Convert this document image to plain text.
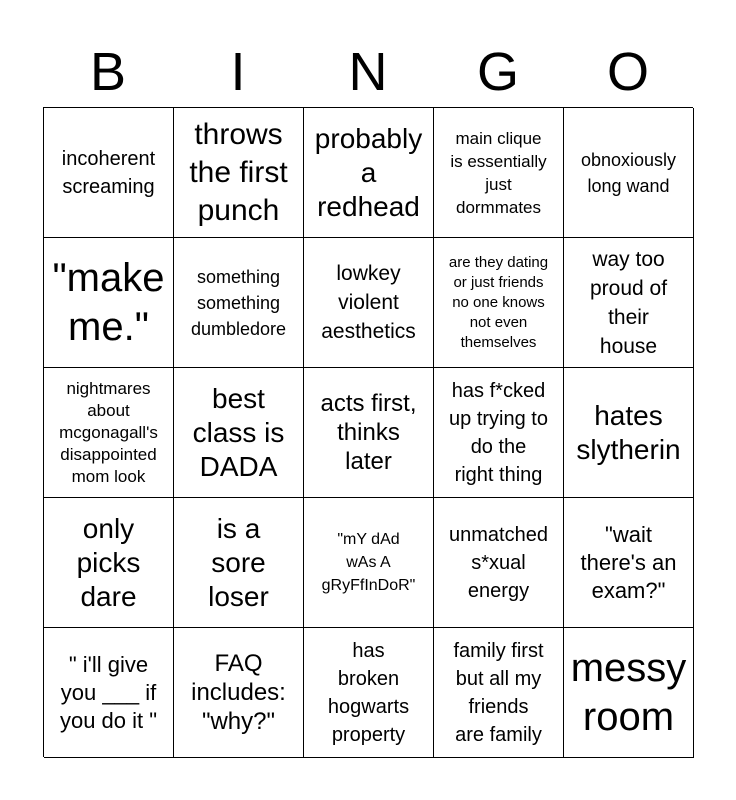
B	I	N	G	O
incoherent
screaming
throws
the first
punch
probably
a
redhead
main clique
is essentially
just
dormmates
obnoxiously
long wand
"make
me."
something
something
dumbledore
lowkey
violent
aesthetics
are they dating
or just friends
no one knows
not even
themselves
way too
proud of
their
house
nightmares
about
mcgonagall's
disappointed
mom look
best
class is
DADA
acts first,
thinks
later
has f*cked
up trying to
do the
right thing
hates
slytherin
only
picks
dare
is a
sore
loser
"mY dAd
wAs A
gRyFfInDoR"
unmatched
s*xual
energy
"wait
there's an
exam?"
" i'll give
you ___ if
you do it "
FAQ
includes:
"why?"
has
broken
hogwarts
property
family first
but all my
friends
are family
messy
room
